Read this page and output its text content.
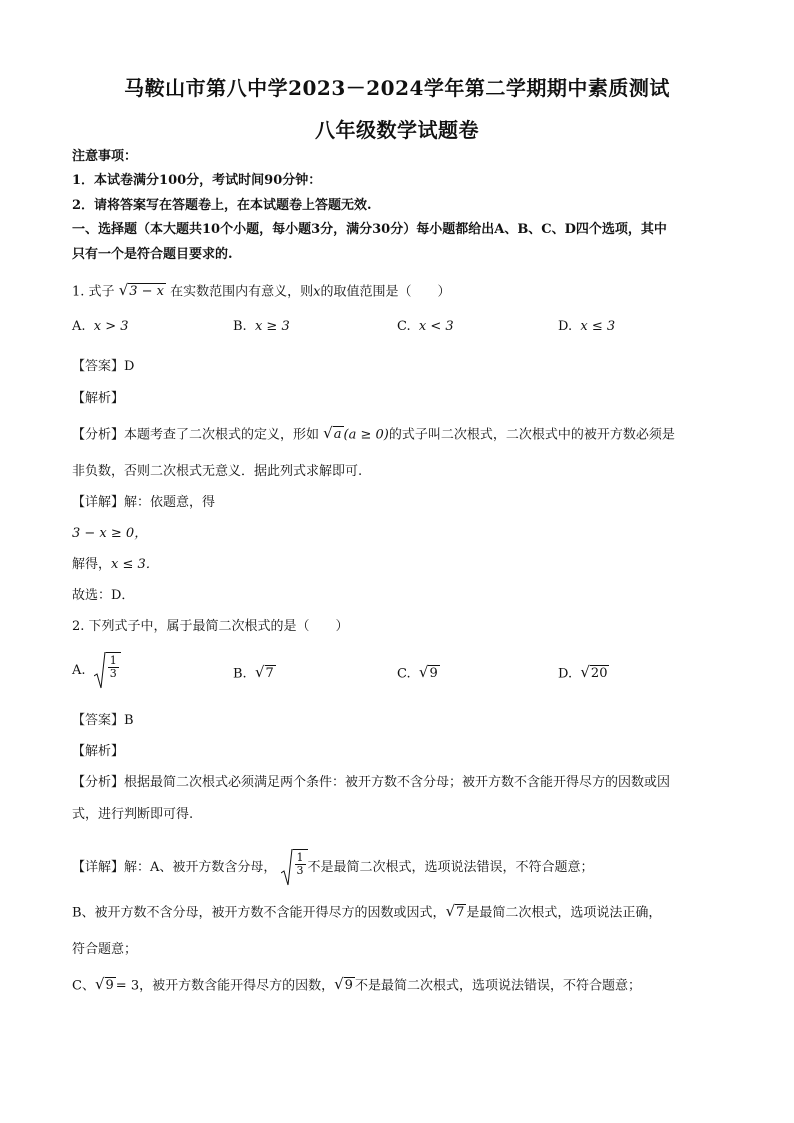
马鞍山市第八中学2023－2024学年第二学期期中素质测试
八年级数学试题卷
注意事项：
1．本试卷满分100分，考试时间90分钟：
2．请将答案写在答题卷上，在本试题卷上答题无效.
一、选择题（本大题共10个小题，每小题3分，满分30分）每小题都给出A、B、C、D四个选项，其中
只有一个是符合题目要求的.
1. 式子 √3 − x 在实数范围内有意义，则x的取值范围是（　　）
A. x > 3	B. x ≥ 3	C. x < 3	D. x ≤ 3
【答案】D
【解析】
【分析】本题考查了二次根式的定义，形如 √a (a ≥ 0)的式子叫二次根式，二次根式中的被开方数必须是
非负数，否则二次根式无意义．据此列式求解即可.
【详解】解：依题意，得
3 − x ≥ 0，
解得，x ≤ 3．
故选：D．
2. 下列式子中，属于最简二次根式的是（　　）
A. $\frac{1}{3}$	B. √7	C. √9	D. √20
【答案】B
【解析】
【分析】根据最简二次根式必须满足两个条件：被开方数不含分母；被开方数不含能开得尽方的因数或因
式，进行判断即可得.
【详解】解：A、被开方数含分母， $\frac{1}{3}$ 不是最简二次根式，选项说法错误，不符合题意；
B、被开方数不含分母，被开方数不含能开得尽方的因数或因式，√7 是最简二次根式，选项说法正确，
符合题意；
C、√9 = 3，被开方数含能开得尽方的因数，√9 不是最简二次根式，选项说法错误，不符合题意；
